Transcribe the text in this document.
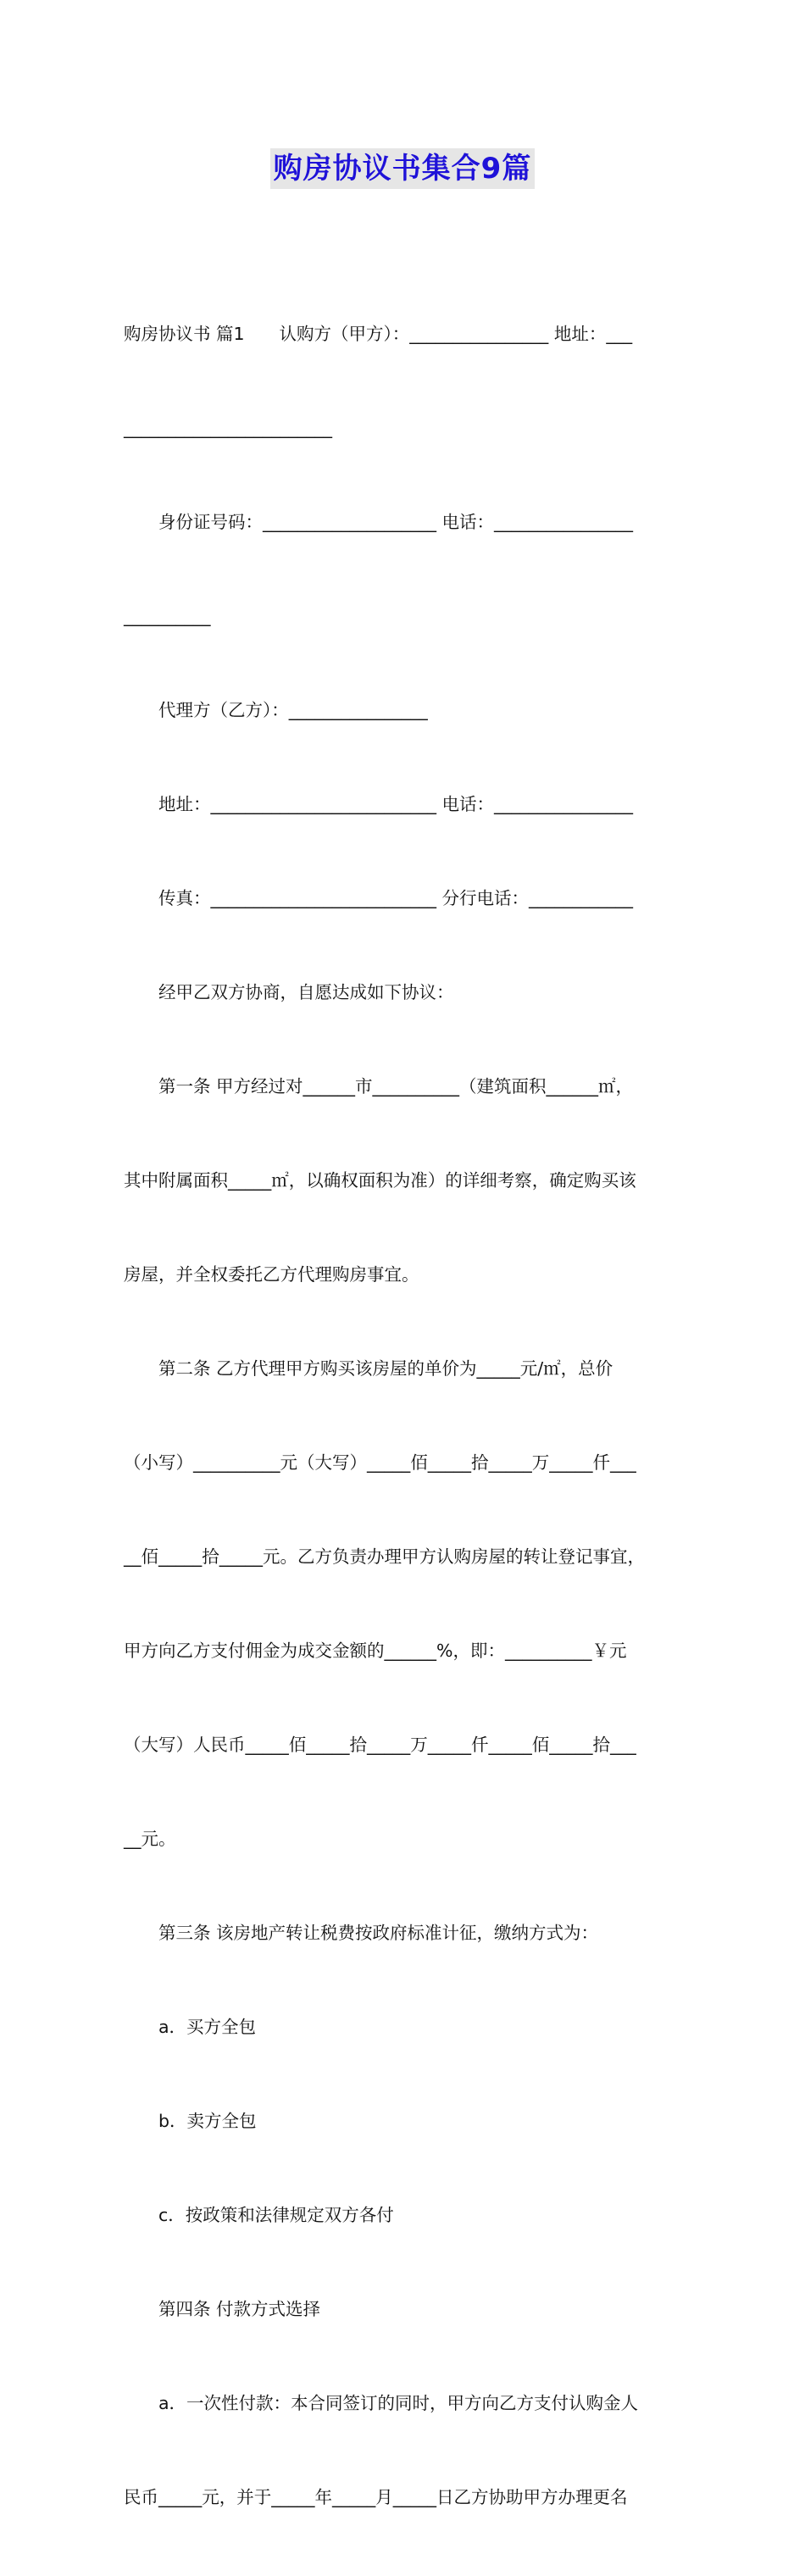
购房协议书集合9篇

购房协议书 篇1　　认购方（甲方）：________________ 地址：___

________________________

　　身份证号码：____________________ 电话：________________

__________

　　代理方（乙方）：________________

　　地址：__________________________ 电话：________________

　　传真：__________________________ 分行电话：____________

　　经甲乙双方协商，自愿达成如下协议：

　　第一条 甲方经过对______市__________（建筑面积______㎡，

其中附属面积_____㎡，以确权面积为准）的详细考察，确定购买该

房屋，并全权委托乙方代理购房事宜。

　　第二条 乙方代理甲方购买该房屋的单价为_____元/㎡，总价

（小写）__________元（大写）_____佰_____拾_____万_____仟___

__佰_____拾_____元。乙方负责办理甲方认购房屋的转让登记事宜，

甲方向乙方支付佣金为成交金额的______%，即：__________￥元

（大写）人民币_____佰_____拾_____万_____仟_____佰_____拾___

__元。

　　第三条 该房地产转让税费按政府标准计征，缴纳方式为：

　　a．买方全包

　　b．卖方全包

　　c．按政策和法律规定双方各付

　　第四条 付款方式选择

　　a．一次性付款：本合同签订的同时，甲方向乙方支付认购金人

民币_____元，并于_____年_____月_____日乙方协助甲方办理更名
